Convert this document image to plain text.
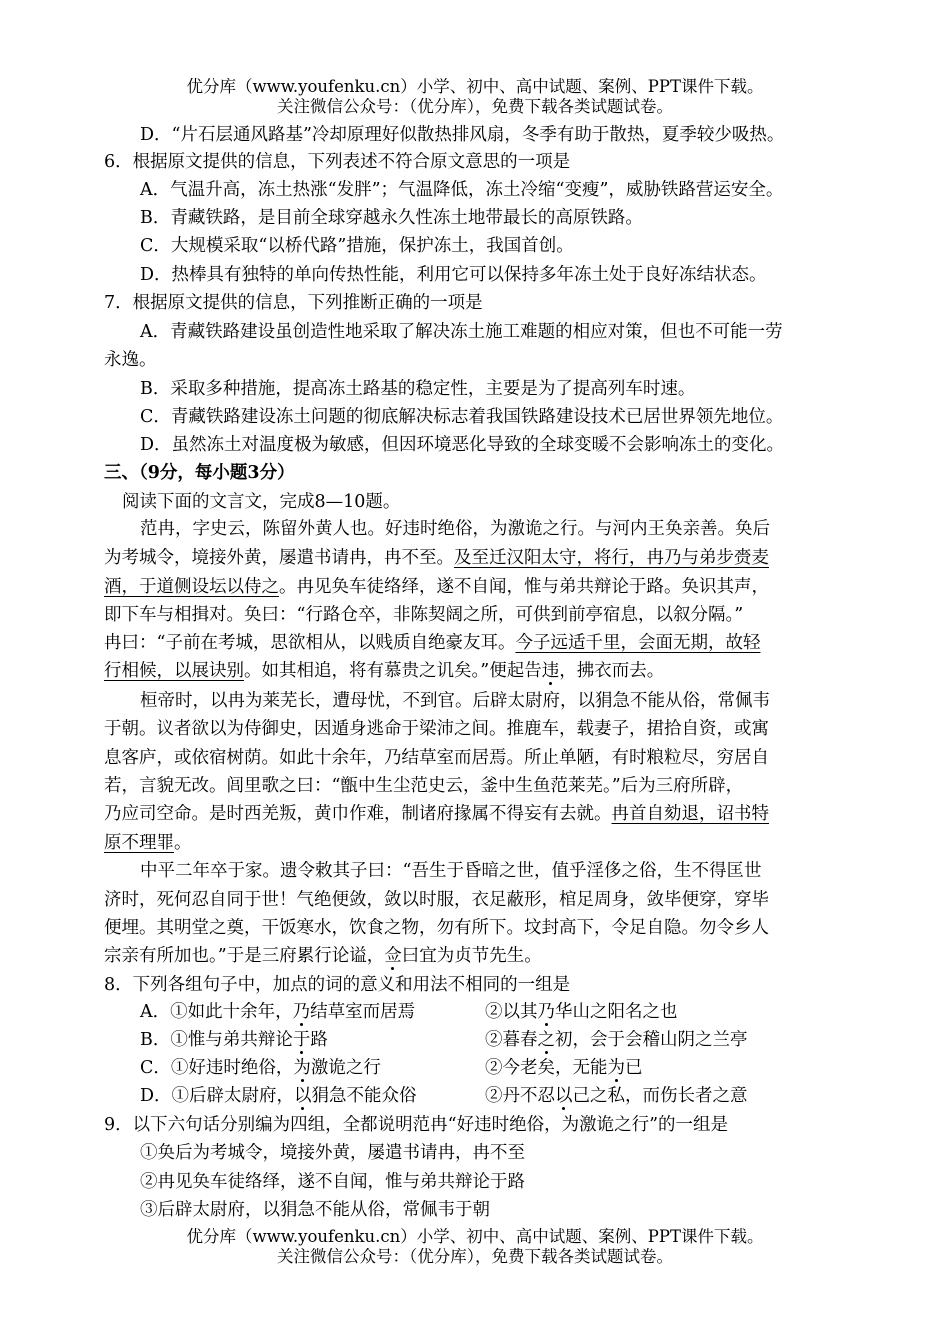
优分库（www.youfenku.cn）小学、初中、高中试题、案例、PPT课件下载。
关注微信公众号：（优分库），免费下载各类试题试卷。
D．“片石层通风路基”冷却原理好似散热排风扇，冬季有助于散热，夏季较少吸热。
6．根据原文提供的信息，下列表述不符合原文意思的一项是
A．气温升高，冻土热涨“发胖”；气温降低，冻土冷缩“变瘦”，威胁铁路营运安全。
B．青藏铁路，是目前全球穿越永久性冻土地带最长的高原铁路。
C．大规模采取“以桥代路”措施，保护冻土，我国首创。
D．热棒具有独特的单向传热性能，利用它可以保持多年冻土处于良好冻结状态。
7．根据原文提供的信息，下列推断正确的一项是
A．青藏铁路建设虽创造性地采取了解决冻土施工难题的相应对策，但也不可能一劳
永逸。
B．采取多种措施，提高冻土路基的稳定性，主要是为了提高列车时速。
C．青藏铁路建设冻土问题的彻底解决标志着我国铁路建设技术已居世界领先地位。
D．虽然冻土对温度极为敏感，但因环境恶化导致的全球变暖不会影响冻土的变化。
三、（9分，每小题3分）
阅读下面的文言文，完成8—10题。
范冉，字史云，陈留外黄人也。好违时绝俗，为激诡之行。与河内王奂亲善。奂后
为考城令，境接外黄，屡遣书请冉，冉不至。及至迁汉阳太守，将行，冉乃与弟步赍麦
酒，于道侧设坛以侍之。冉见奂车徒络绎，遂不自闻，惟与弟共辩论于路。奂识其声，
即下车与相揖对。奂曰：“行路仓卒，非陈契阔之所，可供到前亭宿息，以叙分隔。”
冉曰：“子前在考城，思欲相从，以贱质自绝豪友耳。今子远适千里，会面无期，故轻
行相候，以展诀别。如其相追，将有慕贵之讥矣。”便起告违，拂衣而去。
桓帝时，以冉为莱芜长，遭母忧，不到官。后辟太尉府，以狷急不能从俗，常佩韦
于朝。议者欲以为侍御史，因遁身逃命于梁沛之间。推鹿车，载妻子，捃拾自资，或寓
息客庐，或依宿树荫。如此十余年，乃结草室而居焉。所止单陋，有时粮粒尽，穷居自
若，言貌无改。闾里歌之曰：“甑中生尘范史云，釜中生鱼范莱芜。”后为三府所辟，
乃应司空命。是时西羌叛，黄巾作难，制诸府掾属不得妄有去就。冉首自劾退，诏书特
原不理罪。
中平二年卒于家。遗令敕其子曰：“吾生于昏暗之世，值乎淫侈之俗，生不得匡世
济时，死何忍自同于世！气绝便敛，敛以时服，衣足蔽形，棺足周身，敛毕便穿，穿毕
便埋。其明堂之奠，干饭寒水，饮食之物，勿有所下。坟封高下，令足自隐。勿令乡人
宗亲有所加也。”于是三府累行论谥，佥曰宜为贞节先生。
8．下列各组句子中，加点的词的意义和用法不相同的一组是
A．①如此十余年，乃结草室而居焉	②以其乃华山之阳名之也
B．①惟与弟共辩论于路	②暮春之初，会于会稽山阴之兰亭
C．①好违时绝俗，为激诡之行	②今老矣，无能为已
D．①后辟太尉府，以狷急不能众俗	②丹不忍以己之私，而伤长者之意
9．以下六句话分别编为四组，全都说明范冉“好违时绝俗，为激诡之行”的一组是
①奂后为考城令，境接外黄，屡遣书请冉，冉不至
②冉见奂车徒络绎，遂不自闻，惟与弟共辩论于路
③后辟太尉府，以狷急不能从俗，常佩韦于朝
优分库（www.youfenku.cn）小学、初中、高中试题、案例、PPT课件下载。
关注微信公众号：（优分库），免费下载各类试题试卷。
